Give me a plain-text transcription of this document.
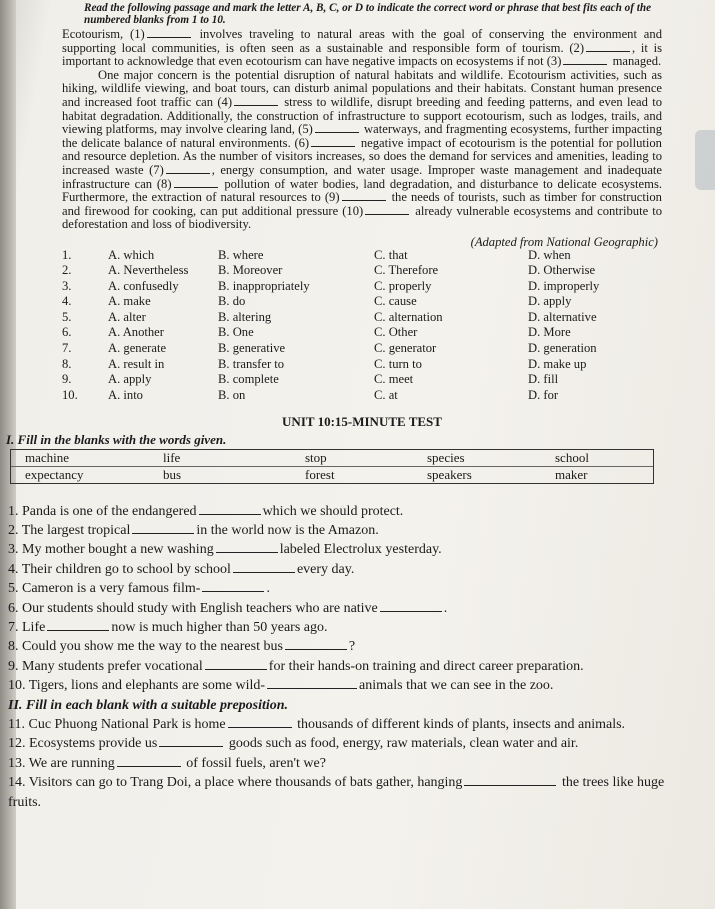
Read the following passage and mark the letter A, B, C, or D to indicate the correct word or phrase that best fits each of the numbered blanks from 1 to 10.

Ecotourism, (1)	involves traveling to natural areas with the goal of conserving the environment and supporting local communities, is often seen as a sustainable and responsible form of tourism. (2)	, it is important to acknowledge that even ecotourism can have negative impacts on ecosystems if not (3)	managed.

One major concern is the potential disruption of natural habitats and wildlife. Ecotourism activities, such as hiking, wildlife viewing, and boat tours, can disturb animal populations and their habitats. Constant human presence and increased foot traffic can (4)	stress to wildlife, disrupt breeding and feeding patterns, and even lead to habitat degradation. Additionally, the construction of infrastructure to support ecotourism, such as lodges, trails, and viewing platforms, may involve clearing land, (5)	waterways, and fragmenting ecosystems, further impacting the delicate balance of natural environments. (6)	negative impact of ecotourism is the potential for pollution and resource depletion. As the number of visitors increases, so does the demand for services and amenities, leading to increased waste (7)	, energy consumption, and water usage. Improper waste management and inadequate infrastructure can (8)	pollution of water bodies, land degradation, and disturbance to delicate ecosystems. Furthermore, the extraction of natural resources to (9)	the needs of tourists, such as timber for construction and firewood for cooking, can put additional pressure (10)	already vulnerable ecosystems and contribute to deforestation and loss of biodiversity.

(Adapted from National Geographic)
1.	A. which	B. where	C. that	D. when
2.	A. Nevertheless	B. Moreover	C. Therefore	D. Otherwise
3.	A. confusedly	B. inappropriately	C. properly	D. improperly
4.	A. make	B. do	C. cause	D. apply
5.	A. alter	B. altering	C. alternation	D. alternative
6.	A. Another	B. One	C. Other	D. More
7.	A. generate	B. generative	C. generator	D. generation
8.	A. result in	B. transfer to	C. turn to	D. make up
9.	A. apply	B. complete	C. meet	D. fill
10.	A. into	B. on	C. at	D. for
UNIT 10:15-MINUTE TEST
I. Fill in the blanks with the words given.
machine	life	stop	species	school
expectancy	bus	forest	speakers	maker
1. Panda is one of the endangered	which we should protect.
2. The largest tropical	in the world now is the Amazon.
3. My mother bought a new washing	labeled Electrolux yesterday.
4. Their children go to school by school	every day.
5. Cameron is a very famous film-	.
6. Our students should study with English teachers who are native	.
7. Life	now is much higher than 50 years ago.
8. Could you show me the way to the nearest bus	?
9. Many students prefer vocational	for their hands-on training and direct career preparation.
10. Tigers, lions and elephants are some wild-	animals that we can see in the zoo.
II. Fill in each blank with a suitable preposition.
11. Cuc Phuong National Park is home	thousands of different kinds of plants, insects and animals.
12. Ecosystems provide us	goods such as food, energy, raw materials, clean water and air.
13. We are running	of fossil fuels, aren't we?
14. Visitors can go to Trang Doi, a place where thousands of bats gather, hanging	the trees like huge fruits.
